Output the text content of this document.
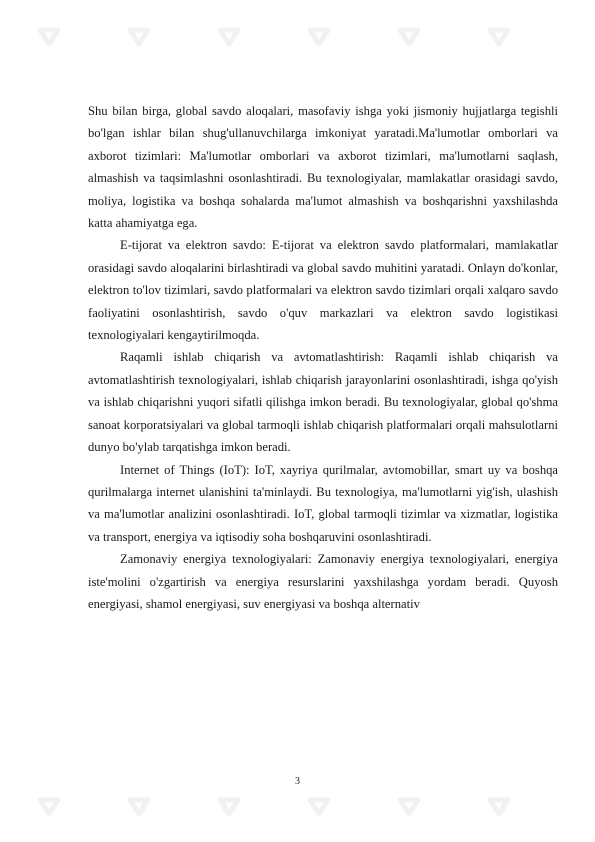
Shu bilan birga, global savdo aloqalari, masofaviy ishga yoki jismoniy hujjatlarga tegishli bo'lgan ishlar bilan shug'ullanuvchilarga imkoniyat yaratadi.Ma'lumotlar omborlari va axborot tizimlari: Ma'lumotlar omborlari va axborot tizimlari, ma'lumotlarni saqlash, almashish va taqsimlashni osonlashtiradi. Bu texnologiyalar, mamlakatlar orasidagi savdo, moliya, logistika va boshqa sohalarda ma'lumot almashish va boshqarishni yaxshilashda katta ahamiyatga ega.

E-tijorat va elektron savdo: E-tijorat va elektron savdo platformalari, mamlakatlar orasidagi savdo aloqalarini birlashtiradi va global savdo muhitini yaratadi. Onlayn do'konlar, elektron to'lov tizimlari, savdo platformalari va elektron savdo tizimlari orqali xalqaro savdo faoliyatini osonlashtirish, savdo o'quv markazlari va elektron savdo logistikasi texnologiyalari kengaytirilmoqda.

Raqamli ishlab chiqarish va avtomatlashtirish: Raqamli ishlab chiqarish va avtomatlashtirish texnologiyalari, ishlab chiqarish jarayonlarini osonlashtiradi, ishga qo'yish va ishlab chiqarishni yuqori sifatli qilishga imkon beradi. Bu texnologiyalar, global qo'shma sanoat korporatsiyalari va global tarmoqli ishlab chiqarish platformalari orqali mahsulotlarni dunyo bo'ylab tarqatishga imkon beradi.

Internet of Things (IoT): IoT, xayriya qurilmalar, avtomobillar, smart uy va boshqa qurilmalarga internet ulanishini ta'minlaydi. Bu texnologiya, ma'lumotlarni yig'ish, ulashish va ma'lumotlar analizini osonlashtiradi. IoT, global tarmoqli tizimlar va xizmatlar, logistika va transport, energiya va iqtisodiy soha boshqaruvini osonlashtiradi.

Zamonaviy energiya texnologiyalari: Zamonaviy energiya texnologiyalari, energiya iste'molini o'zgartirish va energiya resurslarini yaxshilashga yordam beradi. Quyosh energiyasi, shamol energiyasi, suv energiyasi va boshqa alternativ

3
